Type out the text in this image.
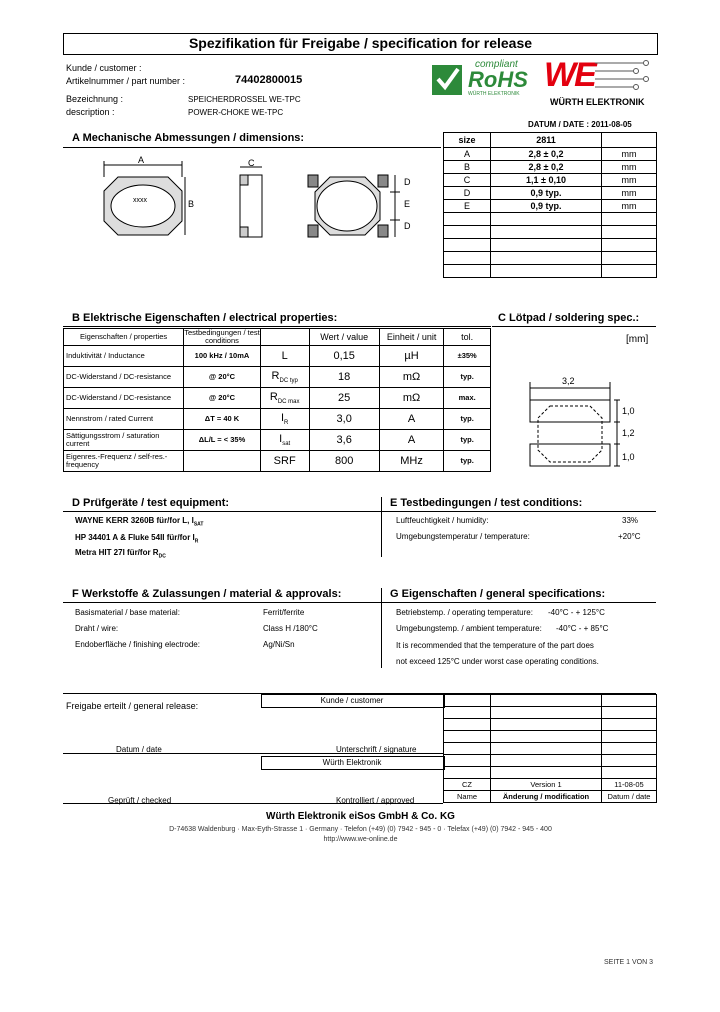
Spezifikation für Freigabe / specification for release
Kunde / customer :
Artikelnummer / part number :	74402800015
Bezeichnung :	SPEICHERDROSSEL WE-TPC
description :	POWER-CHOKE WE-TPC
DATUM / DATE : 2011-08-05
compliant
RoHS
WÜRTH ELEKTRONIK WE
WÜRTH ELEKTRONIK
A Mechanische Abmessungen / dimensions:
A
B
C
D
E
D
xxxx
size	2811	
A	2,8 ± 0,2	mm
B	2,8 ± 0,2	mm
C	1,1 ± 0,10	mm
D	0,9 typ.	mm
E	0,9 typ.	mm

B Elektrische Eigenschaften / electrical properties:
Eigenschaften / properties	Testbedingungen / test conditions		Wert / value	Einheit / unit	tol.
Induktivität / Inductance	100 kHz / 10mA	L	0,15	µH	±35%
DC-Widerstand / DC-resistance	@ 20°C	$R_{DC typ}$	18	mΩ	typ.
DC-Widerstand / DC-resistance	@ 20°C	$R_{DC max}$	25	mΩ	max.
Nennstrom / rated Current	ΔT = 40 K	$I_R$	3,0	A	typ.
Sättigungsstrom / saturation current	ΔL/L = < 35%	$I_{sat}$	3,6	A	typ.
Eigenres.-Frequenz / self-res.-frequency		SRF	800	MHz	typ.
C Lötpad / soldering spec.:
[mm]
3,2
1,0
1,2
1,0
D Prüfgeräte / test equipment:
WAYNE KERR 3260B für/for L, $I_{SAT}$
HP 34401 A & Fluke 54II für/for $I_R$
Metra HIT 27I für/for $R_{DC}$
E Testbedingungen / test conditions:
Luftfeuchtigkeit / humidity:	33%
Umgebungstemperatur / temperature:	+20°C
F Werkstoffe & Zulassungen / material & approvals:
Basismaterial / base material:	Ferrit/ferrite
Draht / wire:	Class H /180°C
Endoberfläche / finishing electrode:	Ag/Ni/Sn
G Eigenschaften / general specifications:
Betriebstemp. / operating temperature: -40°C - + 125°C
Umgebungstemp. / ambient temperature: -40°C - + 85°C
It is recommended that the temperature of the part does
not exceed 125°C under worst case operating conditions.
Freigabe erteilt / general release:
Kunde / customer
Datum / date	Unterschrift / signature
Würth Elektronik
Geprüft / checked	Kontrolliert / approved

CZ	Version 1	11-08-05
Name	Änderung / modification	Datum / date
Würth Elektronik eiSos GmbH & Co. KG
D-74638 Waldenburg · Max-Eyth-Strasse 1 · Germany · Telefon (+49) (0) 7942 - 945 - 0 · Telefax (+49) (0) 7942 - 945 - 400
http://www.we-online.de
SEITE 1 VON 3
